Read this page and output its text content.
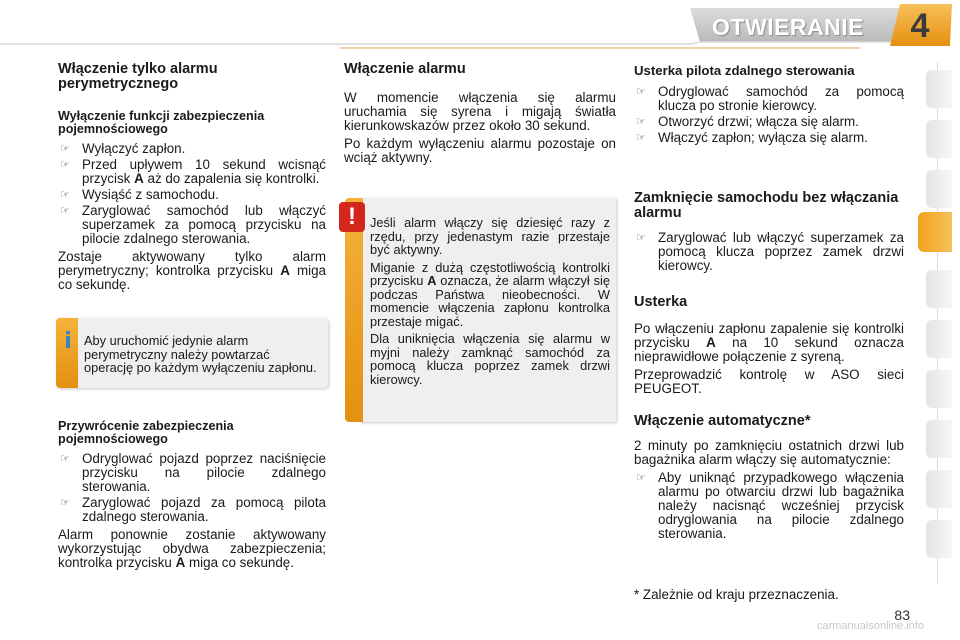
OTWIERANIE	4
Włączenie tylko alarmu perymetrycznego
Wyłączenie funkcji zabezpieczenia pojemnościowego
☞ Wyłączyć zapłon.
☞ Przed upływem 10 sekund wcisnąć przycisk A aż do zapalenia się kontrolki.
☞ Wysiąść z samochodu.
☞ Zaryglować samochód lub włączyć superzamek za pomocą przycisku na pilocie zdalnego sterowania.

Zostaje aktywowany tylko alarm perymetryczny; kontrolka przycisku A miga co sekundę.

i Aby uruchomić jedynie alarm perymetryczny należy powtarzać operację po każdym wyłączeniu zapłonu.
Przywrócenie zabezpieczenia pojemnościowego
☞ Odryglować pojazd poprzez naciśnięcie przycisku na pilocie zdalnego sterowania.
☞ Zaryglować pojazd za pomocą pilota zdalnego sterowania.

Alarm ponownie zostanie aktywowany wykorzystując obydwa zabezpieczenia; kontrolka przycisku A miga co sekundę.

Włączenie alarmu

W momencie włączenia się alarmu uruchamia się syrena i migają światła kierunkowskazów przez około 30 sekund.

Po każdym wyłączeniu alarmu pozostaje on wciąż aktywny.

!	Jeśli alarm włączy się dziesięć razy z rzędu, przy jedenastym razie przestaje być aktywny.

Miganie z dużą częstotliwością kontrolki przycisku A oznacza, że alarm włączył się podczas Państwa nieobecności. W momencie włączenia zapłonu kontrolka przestaje migać.

Dla uniknięcia włączenia się alarmu w myjni należy zamknąć samochód za pomocą klucza poprzez zamek drzwi kierowcy.

Usterka pilota zdalnego sterowania
☞ Odryglować samochód za pomocą klucza po stronie kierowcy.
☞ Otworzyć drzwi; włącza się alarm.
☞ Włączyć zapłon; wyłącza się alarm.
Zamknięcie samochodu bez włączania alarmu
☞ Zaryglować lub włączyć superzamek za pomocą klucza poprzez zamek drzwi kierowcy.
Usterka

Po włączeniu zapłonu zapalenie się kontrolki przycisku A na 10 sekund oznacza nieprawidłowe połączenie z syreną.

Przeprowadzić kontrolę w ASO sieci PEUGEOT.

Włączenie automatyczne*

2 minuty po zamknięciu ostatnich drzwi lub bagażnika alarm włączy się automatycznie:

☞ Aby uniknąć przypadkowego włączenia alarmu po otwarciu drzwi lub bagażnika należy nacisnąć wcześniej przycisk odryglowania na pilocie zdalnego sterowania.
* Zależnie od kraju przeznaczenia.
83
carmanualsonline.info
